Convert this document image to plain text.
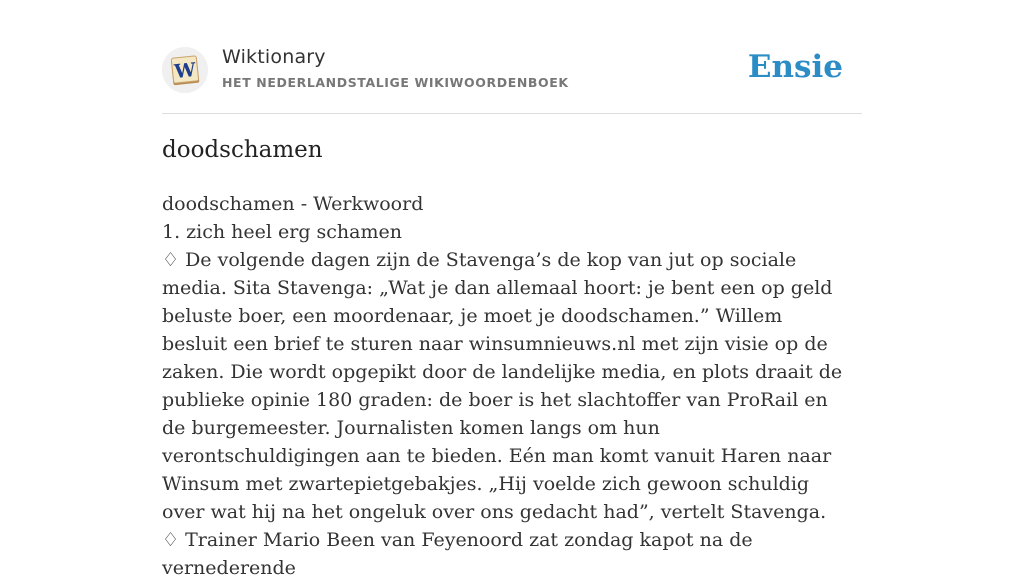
W
Wiktionary
HET NEDERLANDSTALIGE WIKIWOORDENBOEK	Ensie
doodschamen

doodschamen - Werkwoord

1. zich heel erg schamen

♢ De volgende dagen zijn de Stavenga’s de kop van jut op sociale media. Sita Stavenga: „Wat je dan allemaal hoort: je bent een op geld beluste boer, een moordenaar, je moet je doodschamen.” Willem besluit een brief te sturen naar winsumnieuws.nl met zijn visie op de zaken. Die wordt opgepikt door de landelijke media, en plots draait de publieke opinie 180 graden: de boer is het slachtoffer van ProRail en de burgemeester. Journalisten komen langs om hun verontschuldigingen aan te bieden. Eén man komt vanuit Haren naar Winsum met zwartepietgebakjes. „Hij voelde zich gewoon schuldig over wat hij na het ongeluk over ons gedacht had”, vertelt Stavenga.

♢ Trainer Mario Been van Feyenoord zat zondag kapot na de vernederende
